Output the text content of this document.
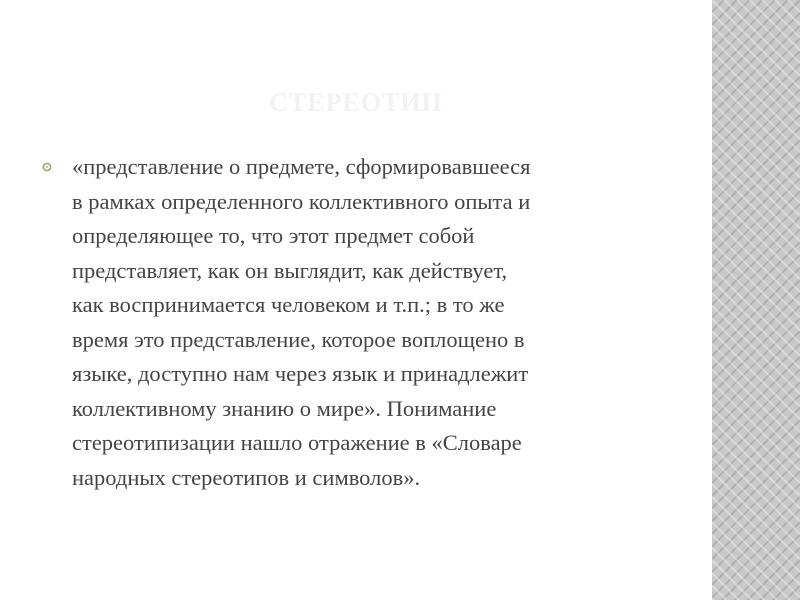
СТЕРЕОТИП

«представление о предмете, сформировавшееся
в рамках определенного коллективного опыта и
определяющее то, что этот предмет собой
представляет, как он выглядит, как действует,
как воспринимается человеком и т.п.; в то же
время это представление, которое воплощено в
языке, доступно нам через язык и принадлежит
коллективному знанию о мире». Понимание
стереотипизации нашло отражение в «Словаре
народных стереотипов и символов».
